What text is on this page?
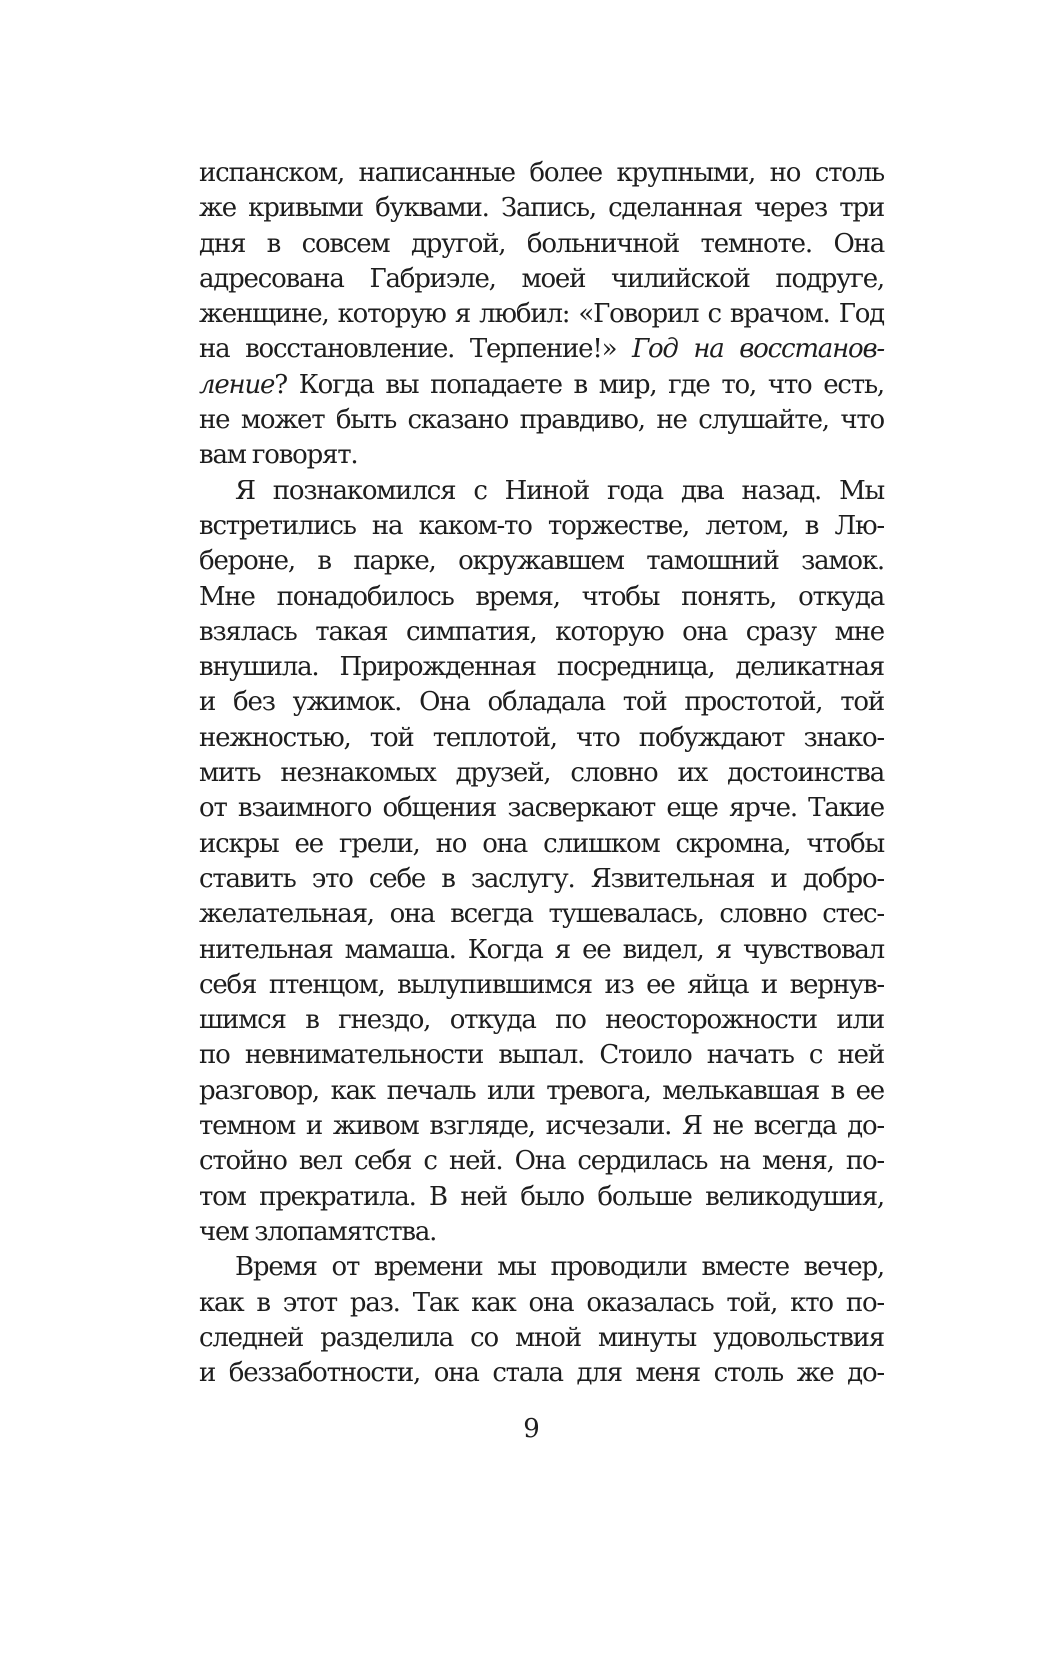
испанском, написанные более крупными, но столь
же кривыми буквами. Запись, сделанная через три
дня в совсем другой, больничной темноте. Она
адресована Габриэле, моей чилийской подруге,
женщине, которую я любил: «Говорил с врачом. Год
на восстановление. Терпение!» Год на восстанов-
ление? Когда вы попадаете в мир, где то, что есть,
не может быть сказано правдиво, не слушайте, что
вам говорят.
Я познакомился с Ниной года два назад. Мы
встретились на каком-то торжестве, летом, в Лю-
бероне, в парке, окружавшем тамошний замок.
Мне понадобилось время, чтобы понять, откуда
взялась такая симпатия, которую она сразу мне
внушила. Прирожденная посредница, деликатная
и без ужимок. Она обладала той простотой, той
нежностью, той теплотой, что побуждают знако-
мить незнакомых друзей, словно их достоинства
от взаимного общения засверкают еще ярче. Такие
искры ее грели, но она слишком скромна, чтобы
ставить это себе в заслугу. Язвительная и добро-
желательная, она всегда тушевалась, словно стес-
нительная мамаша. Когда я ее видел, я чувствовал
себя птенцом, вылупившимся из ее яйца и вернув-
шимся в гнездо, откуда по неосторожности или
по невнимательности выпал. Стоило начать с ней
разговор, как печаль или тревога, мелькавшая в ее
темном и живом взгляде, исчезали. Я не всегда до-
стойно вел себя с ней. Она сердилась на меня, по-
том прекратила. В ней было больше великодушия,
чем злопамятства.
Время от времени мы проводили вместе вечер,
как в этот раз. Так как она оказалась той, кто по-
следней разделила со мной минуты удовольствия
и беззаботности, она стала для меня столь же до-
9
